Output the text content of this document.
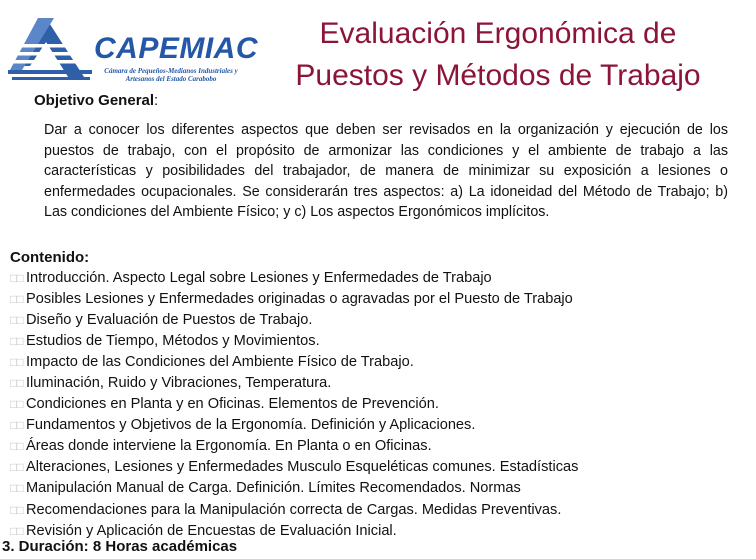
CAPEMIAC
Cámara de Pequeños-Medianos Industriales y Artesanos del Estado Carabobo
Evaluación Ergonómica de
Puestos y Métodos de Trabajo
Objetivo General:
Dar a conocer los diferentes aspectos que deben ser revisados en la organización y ejecución de los puestos de trabajo, con el propósito de armonizar las condiciones y el ambiente de trabajo a las características y posibilidades del trabajador, de manera de minimizar su exposición a lesiones o enfermedades ocupacionales. Se considerarán tres aspectos: a) La idoneidad del Método de Trabajo; b) Las condiciones del Ambiente Físico; y c) Los aspectos Ergonómicos implícitos.
Contenido:
□□ Introducción. Aspecto Legal sobre Lesiones y Enfermedades de Trabajo
□□ Posibles Lesiones y Enfermedades originadas o agravadas por el Puesto de Trabajo
□□ Diseño y Evaluación de Puestos de Trabajo.
□□ Estudios de Tiempo, Métodos y Movimientos.
□□ Impacto de las Condiciones del Ambiente Físico de Trabajo.
□□ Iluminación, Ruido y Vibraciones, Temperatura.
□□ Condiciones en Planta y en Oficinas. Elementos de Prevención.
□□ Fundamentos y Objetivos de la Ergonomía. Definición y Aplicaciones.
□□ Áreas donde interviene la Ergonomía. En Planta o en Oficinas.
□□ Alteraciones, Lesiones y Enfermedades Musculo Esqueléticas comunes. Estadísticas
□□ Manipulación Manual de Carga. Definición. Límites Recomendados. Normas
□□ Recomendaciones para la Manipulación correcta de Cargas. Medidas Preventivas.
□□ Revisión y Aplicación de Encuestas de Evaluación Inicial.
3. Duración: 8 Horas académicas
